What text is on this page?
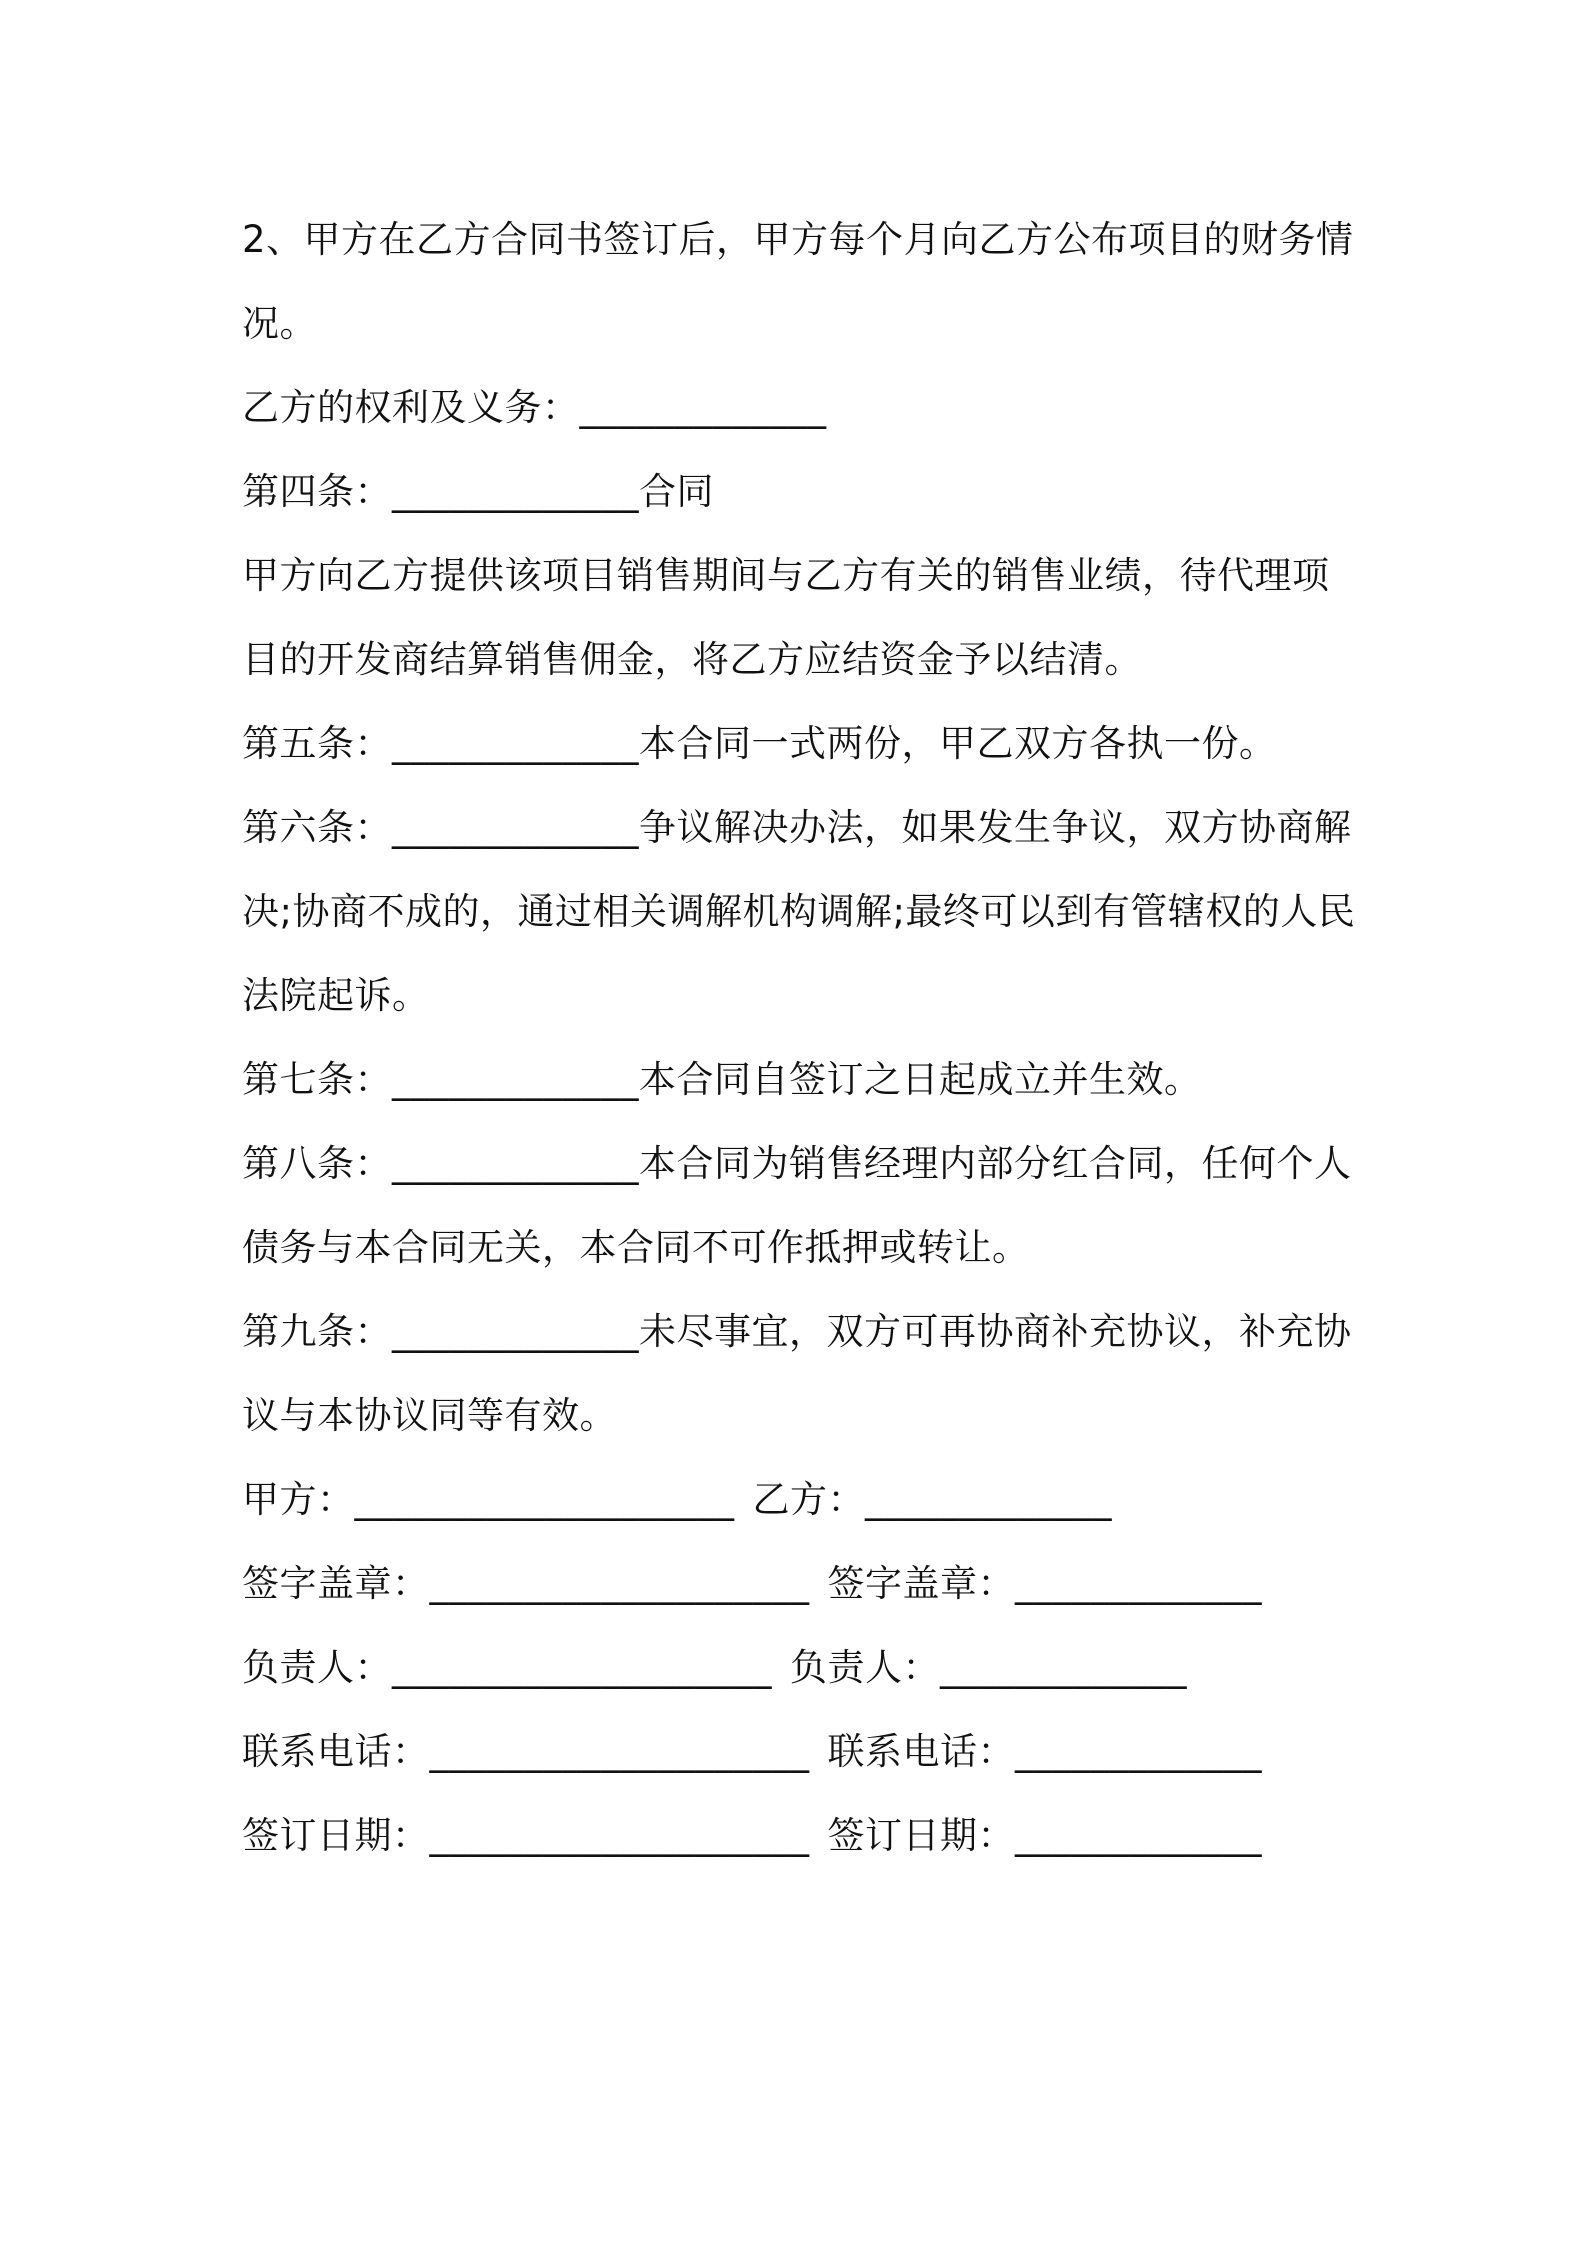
2、甲方在乙方合同书签订后，甲方每个月向乙方公布项目的财务情况。

乙方的权利及义务：_____________

第四条：_____________合同

甲方向乙方提供该项目销售期间与乙方有关的销售业绩，待代理项目的开发商结算销售佣金，将乙方应结资金予以结清。

第五条：_____________本合同一式两份，甲乙双方各执一份。

第六条：_____________争议解决办法，如果发生争议，双方协商解决;协商不成的，通过相关调解机构调解;最终可以到有管辖权的人民法院起诉。

第七条：_____________本合同自签订之日起成立并生效。

第八条：_____________本合同为销售经理内部分红合同，任何个人债务与本合同无关，本合同不可作抵押或转让。

第九条：_____________未尽事宜，双方可再协商补充协议，补充协议与本协议同等有效。

甲方：____________________ 乙方：_____________
签字盖章：____________________ 签字盖章：_____________
负责人：____________________ 负责人：_____________
联系电话：____________________ 联系电话：_____________
签订日期：____________________ 签订日期：_____________
